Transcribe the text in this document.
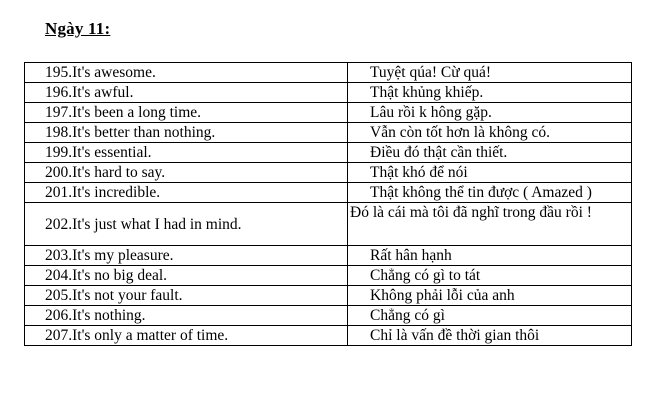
Ngày 11:
195.It's awesome.	Tuyệt qúa! Cừ quá!
196.It's awful.	Thật khủng khiếp.
197.It's been a long time.	Lâu rồi k hông gặp.
198.It's better than nothing.	Vẫn còn tốt hơn là không có.
199.It's essential.	Điều đó thật cần thiết.
200.It's hard to say.	Thật khó để nói
201.It's incredible.	Thật không thể tin được ( Amazed )
202.It's just what I had in mind.	Đó là cái mà tôi đã nghĩ trong đầu rồi !
203.It's my pleasure.	Rất hân hạnh
204.It's no big deal.	Chẳng có gì to tát
205.It's not your fault.	Không phải lỗi của anh
206.It's nothing.	Chẳng có gì
207.It's only a matter of time.	Chỉ là vấn đề thời gian thôi
